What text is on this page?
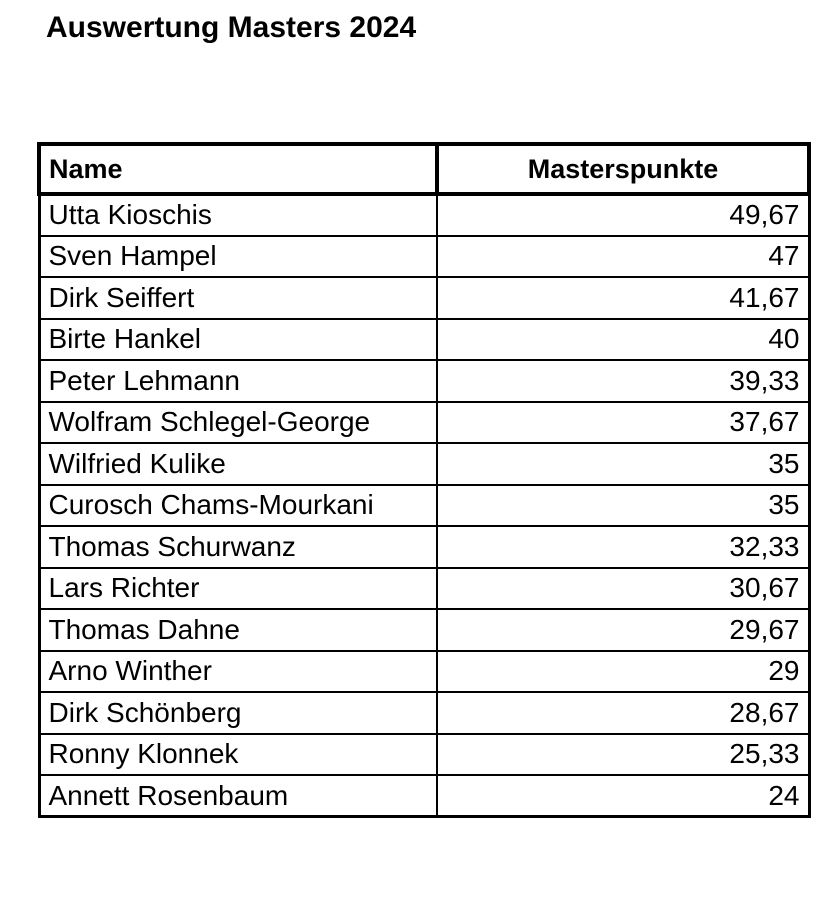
Auswertung Masters 2024
Name	Masterspunkte
Utta Kioschis	49,67
Sven Hampel	47
Dirk Seiffert	41,67
Birte Hankel	40
Peter Lehmann	39,33
Wolfram Schlegel-George	37,67
Wilfried Kulike	35
Curosch Chams-Mourkani	35
Thomas Schurwanz	32,33
Lars Richter	30,67
Thomas Dahne	29,67
Arno Winther	29
Dirk Schönberg	28,67
Ronny Klonnek	25,33
Annett Rosenbaum	24
